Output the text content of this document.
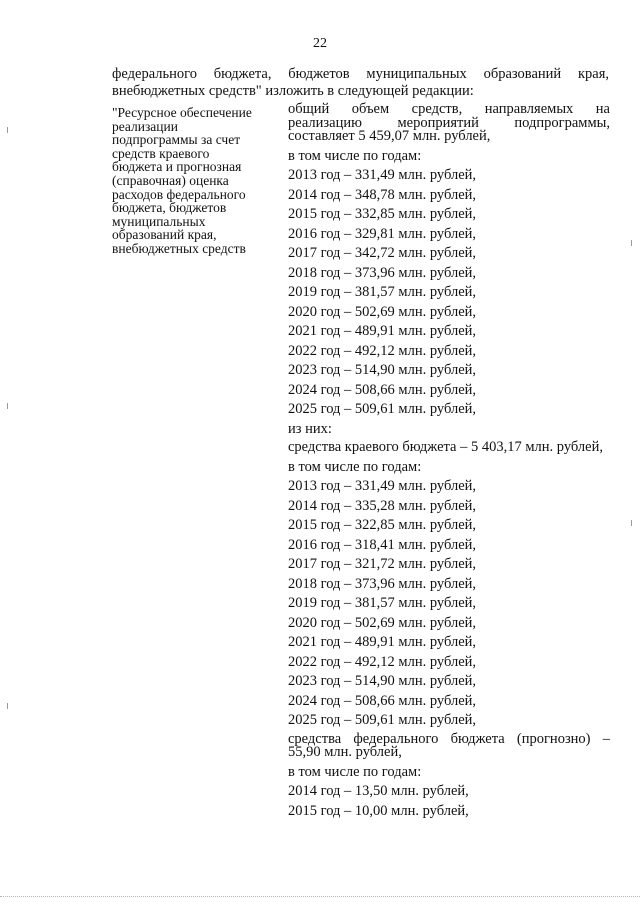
22
федерального бюджета, бюджетов муниципальных образований края,
внебюджетных средств" изложить в следующей редакции:
"Ресурсное обеспечение
реализации
подпрограммы за счет
средств краевого
бюджета и прогнозная
(справочная) оценка
расходов федерального
бюджета, бюджетов
муниципальных
образований края,
внебюджетных средств
общий объем средств, направляемых на реализацию мероприятий подпрограммы, составляет 5 459,07 млн. рублей,
в том числе по годам:
2013 год – 331,49 млн. рублей,
2014 год – 348,78 млн. рублей,
2015 год – 332,85 млн. рублей,
2016 год – 329,81 млн. рублей,
2017 год – 342,72 млн. рублей,
2018 год – 373,96 млн. рублей,
2019 год – 381,57 млн. рублей,
2020 год – 502,69 млн. рублей,
2021 год – 489,91 млн. рублей,
2022 год – 492,12 млн. рублей,
2023 год – 514,90 млн. рублей,
2024 год – 508,66 млн. рублей,
2025 год – 509,61 млн. рублей,
из них:
средства краевого бюджета – 5 403,17 млн. рублей,
в том числе по годам:
2013 год – 331,49 млн. рублей,
2014 год – 335,28 млн. рублей,
2015 год – 322,85 млн. рублей,
2016 год – 318,41 млн. рублей,
2017 год – 321,72 млн. рублей,
2018 год – 373,96 млн. рублей,
2019 год – 381,57 млн. рублей,
2020 год – 502,69 млн. рублей,
2021 год – 489,91 млн. рублей,
2022 год – 492,12 млн. рублей,
2023 год – 514,90 млн. рублей,
2024 год – 508,66 млн. рублей,
2025 год – 509,61 млн. рублей,
средства федерального бюджета (прогнозно) – 55,90 млн. рублей,
в том числе по годам:
2014 год – 13,50 млн. рублей,
2015 год – 10,00 млн. рублей,
